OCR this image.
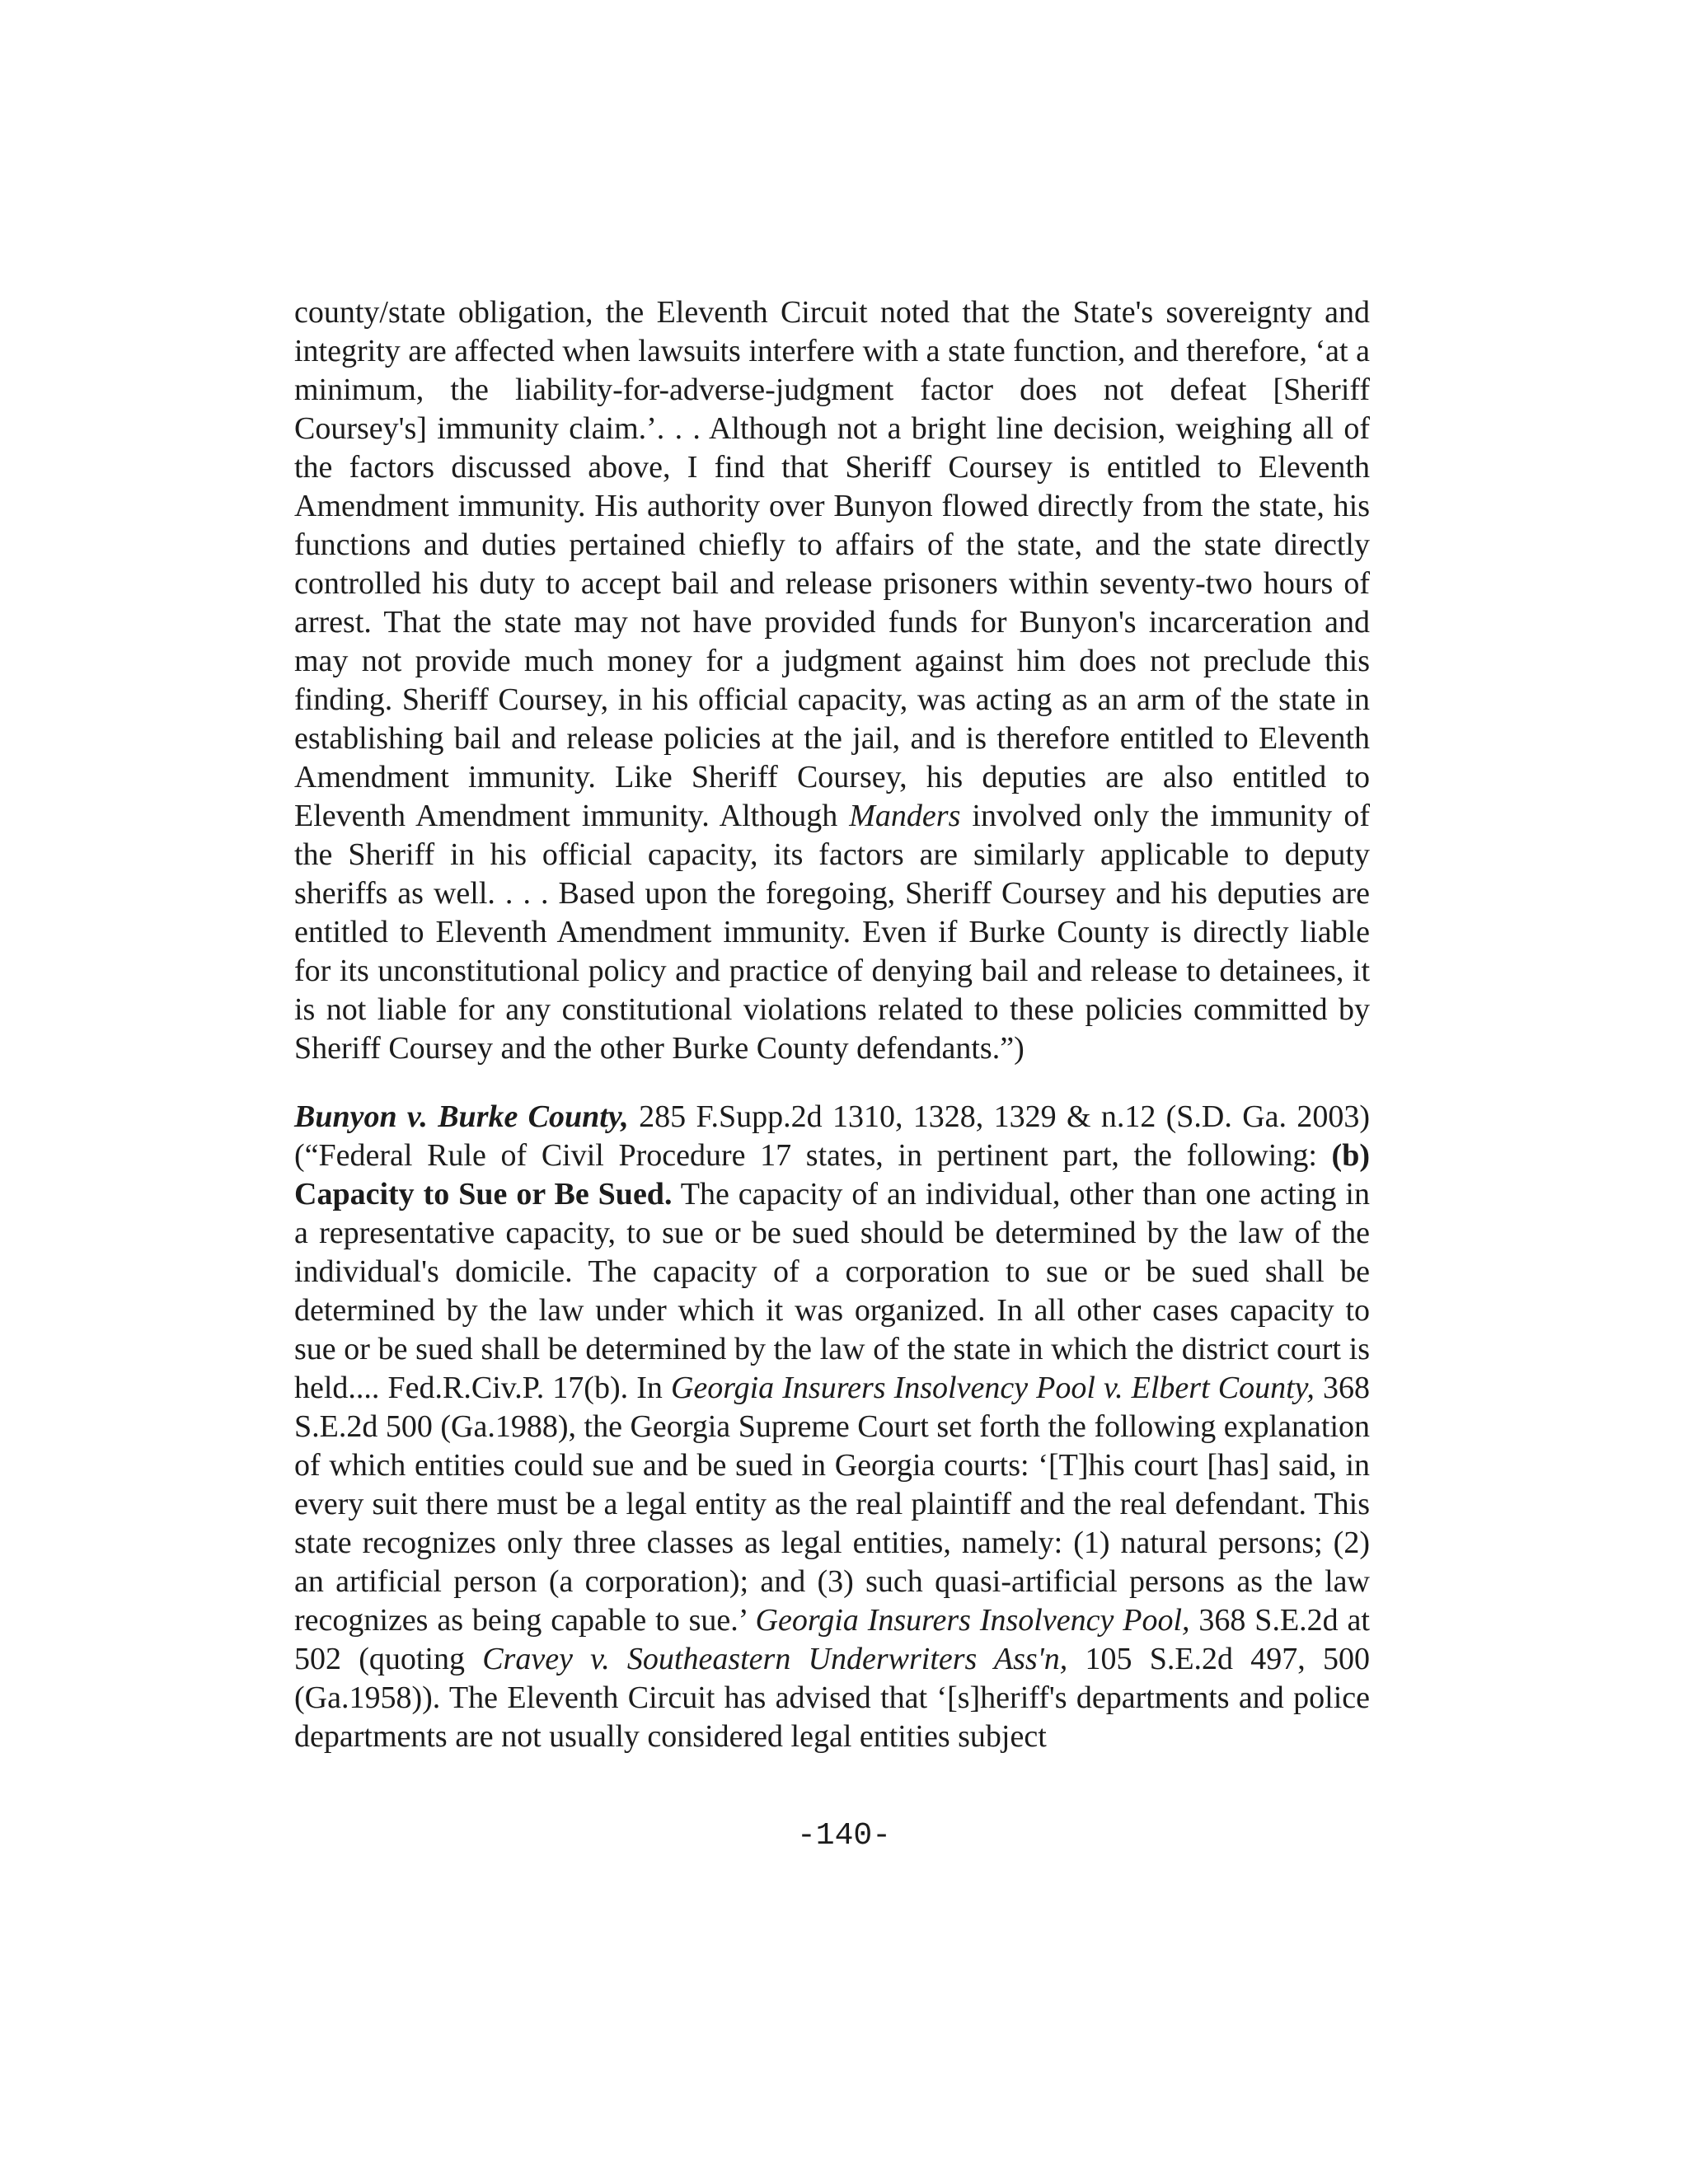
county/state obligation, the Eleventh Circuit noted that the State's sovereignty and integrity are affected when lawsuits interfere with a state function, and therefore, ‘at a minimum, the liability-for-adverse-judgment factor does not defeat [Sheriff Coursey's] immunity claim.’. . . Although not a bright line decision, weighing all of the factors discussed above, I find that Sheriff Coursey is entitled to Eleventh Amendment immunity. His authority over Bunyon flowed directly from the state, his functions and duties pertained chiefly to affairs of the state, and the state directly controlled his duty to accept bail and release prisoners within seventy-two hours of arrest. That the state may not have provided funds for Bunyon's incarceration and may not provide much money for a judgment against him does not preclude this finding. Sheriff Coursey, in his official capacity, was acting as an arm of the state in establishing bail and release policies at the jail, and is therefore entitled to Eleventh Amendment immunity. Like Sheriff Coursey, his deputies are also entitled to Eleventh Amendment immunity. Although Manders involved only the immunity of the Sheriff in his official capacity, its factors are similarly applicable to deputy sheriffs as well. . . . Based upon the foregoing, Sheriff Coursey and his deputies are entitled to Eleventh Amendment immunity. Even if Burke County is directly liable for its unconstitutional policy and practice of denying bail and release to detainees, it is not liable for any constitutional violations related to these policies committed by Sheriff Coursey and the other Burke County defendants.”)

Bunyon v. Burke County, 285 F.Supp.2d 1310, 1328, 1329 & n.12 (S.D. Ga. 2003) (“Federal Rule of Civil Procedure 17 states, in pertinent part, the following: (b) Capacity to Sue or Be Sued. The capacity of an individual, other than one acting in a representative capacity, to sue or be sued should be determined by the law of the individual's domicile. The capacity of a corporation to sue or be sued shall be determined by the law under which it was organized. In all other cases capacity to sue or be sued shall be determined by the law of the state in which the district court is held.... Fed.R.Civ.P. 17(b). In Georgia Insurers Insolvency Pool v. Elbert County, 368 S.E.2d 500 (Ga.1988), the Georgia Supreme Court set forth the following explanation of which entities could sue and be sued in Georgia courts: ‘[T]his court [has] said, in every suit there must be a legal entity as the real plaintiff and the real defendant. This state recognizes only three classes as legal entities, namely: (1) natural persons; (2) an artificial person (a corporation); and (3) such quasi-artificial persons as the law recognizes as being capable to sue.’ Georgia Insurers Insolvency Pool, 368 S.E.2d at 502 (quoting Cravey v. Southeastern Underwriters Ass'n, 105 S.E.2d 497, 500 (Ga.1958)). The Eleventh Circuit has advised that ‘[s]heriff's departments and police departments are not usually considered legal entities subject

-140-
